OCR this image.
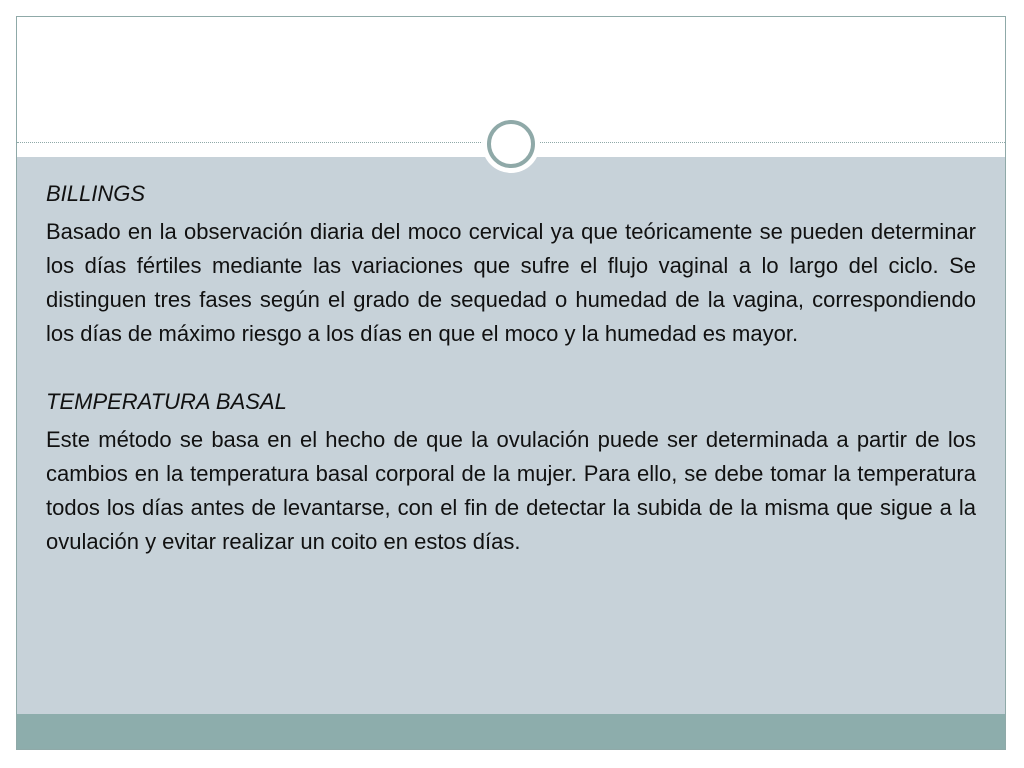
BILLINGS

Basado en la observación diaria del moco cervical ya que teóricamente se pueden determinar los días fértiles mediante las variaciones que sufre el flujo vaginal a lo largo del ciclo. Se distinguen tres fases según el grado de sequedad o humedad de la vagina, correspondiendo los días de máximo riesgo a los días en que el moco y la humedad es mayor.

TEMPERATURA BASAL

Este método se basa en el hecho de que la ovulación puede ser determinada a partir de los cambios en la temperatura basal corporal de la mujer. Para ello, se debe tomar la temperatura todos los días antes de levantarse, con el fin de detectar la subida de la misma que sigue a la ovulación y evitar realizar un coito en estos días.
